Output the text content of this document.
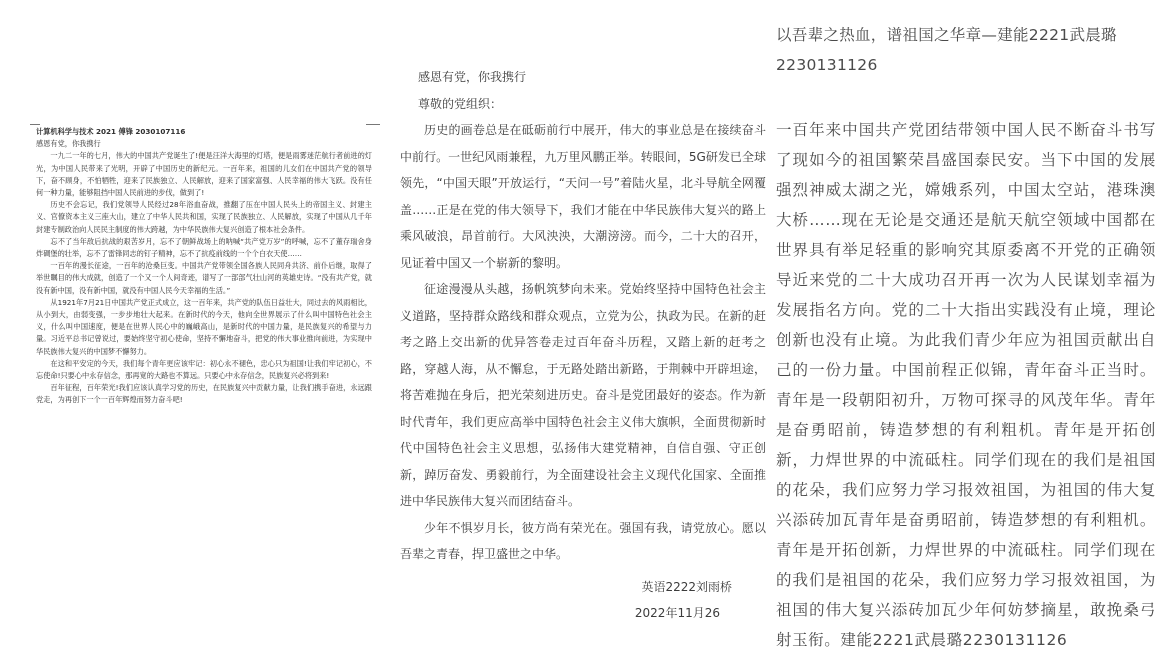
计算机科学与技术 2021 傅锋 2030107116
感恩有党，你我携行

一九二一年的七月，伟大的中国共产党诞生了!便是汪洋大海里的灯塔，便是雨雾迷茫航行者前进的灯光，为中国人民带来了光明，开辟了中国历史的新纪元。一百年来，祖国的儿女们在中国共产党的领导下，奋不顾身，不怕牺牲，迎来了民族独立、人民解放，迎来了国家富强、人民幸福的伟大飞跃。没有任何一种力量，能够阻挡中国人民前进的步伐，做到了!

历史不会忘记，我们党领导人民经过28年浴血奋战，推翻了压在中国人民头上的帝国主义、封建主义、官僚资本主义三座大山，建立了中华人民共和国，实现了民族独立、人民解放，实现了中国从几千年封建专制政治向人民民主制度的伟大跨越，为中华民族伟大复兴创造了根本社会条件。

忘不了当年敌后抗战的艰苦岁月，忘不了朝鲜战场上的呐喊“共产党万岁”的呼喊，忘不了董存瑞舍身炸碉堡的壮举，忘不了雷锋同志的钉子精神，忘不了抗疫前线的一个个白衣天使……

一百年的漫长征途，一百年的沧桑巨变。中国共产党带领全国各族人民同舟共济、前仆后继，取得了举世瞩目的伟大成就，创造了一个又一个人间奇迹，谱写了一部部气壮山河的英雄史诗。“没有共产党，就没有新中国，没有新中国，就没有中国人民今天幸福的生活。”

从1921年7月21日中国共产党正式成立，这一百年来，共产党的队伍日益壮大，同过去的风雨相比，从小到大，由弱变强，一步步地壮大起来。在新时代的今天，他向全世界展示了什么叫中国特色社会主义，什么叫中国速度，便是在世界人民心中的巍峨高山，是新时代的中国力量，是民族复兴的希望与力量。习近平总书记曾说过，要始终坚守初心使命，坚持不懈地奋斗，把党的伟大事业推向前进，为实现中华民族伟大复兴的中国梦不懈努力。

在这和平安定的今天，我们每个青年更应该牢记：初心永不褪色，忠心只为祖国!让我们牢记初心，不忘使命!只要心中永存信念，那再宽的大路也不算远。只要心中永存信念，民族复兴必将到来!

百年征程，百年荣光!我们应该认真学习党的历史，在民族复兴中贡献力量，让我们携手奋进，永远跟党走，为再创下一个一百年辉煌而努力奋斗吧!

感恩有党，你我携行
尊敬的党组织：

历史的画卷总是在砥砺前行中展开，伟大的事业总是在接续奋斗中前行。一世纪风雨兼程，九万里风鹏正举。转眼间，5G研发已全球领先，“中国天眼”开放运行，“天问一号”着陆火星，北斗导航全网覆盖……正是在党的伟大领导下，我们才能在中华民族伟大复兴的路上乘风破浪，昂首前行。大风泱泱，大潮滂滂。而今，二十大的召开，见证着中国又一个崭新的黎明。

征途漫漫从头越，扬帆筑梦向未来。党始终坚持中国特色社会主义道路，坚持群众路线和群众观点，立党为公，执政为民。在新的赶考之路上交出新的优异答卷走过百年奋斗历程，又踏上新的赶考之路，穿越人海，从不懈怠，于无路处踏出新路，于荆棘中开辟坦途，将苦难抛在身后，把光荣刻进历史。奋斗是党团最好的姿态。作为新时代青年，我们更应高举中国特色社会主义伟大旗帜，全面贯彻新时代中国特色社会主义思想，弘扬伟大建党精神，自信自强、守正创新，踔厉奋发、勇毅前行，为全面建设社会主义现代化国家、全面推进中华民族伟大复兴而团结奋斗。

少年不惧岁月长，彼方尚有荣光在。强国有我，请党放心。愿以吾辈之青春，捍卫盛世之中华。

英语2222刘雨桥
2022年11月26
以吾辈之热血，谱祖国之华章—建能2221武晨璐2230131126
一百年来中国共产党团结带领中国人民不断奋斗书写了现如今的祖国繁荣昌盛国泰民安。当下中国的发展强烈神威太湖之光，嫦娥系列，中国太空站，港珠澳大桥……现在无论是交通还是航天航空领域中国都在世界具有举足轻重的影响究其原委离不开党的正确领导近来党的二十大成功召开再一次为人民谋划幸福为发展指名方向。党的二十大指出实践没有止境，理论创新也没有止境。为此我们青少年应为祖国贡献出自己的一份力量。中国前程正似锦，青年奋斗正当时。青年是一段朝阳初升，万物可探寻的风茂年华。青年是奋勇昭前，铸造梦想的有利粗机。青年是开拓创新，力焊世界的中流砥柱。同学们现在的我们是祖国的花朵，我们应努力学习报效祖国，为祖国的伟大复兴添砖加瓦青年是奋勇昭前，铸造梦想的有利粗机。青年是开拓创新，力焊世界的中流砥柱。同学们现在的我们是祖国的花朵，我们应努力学习报效祖国，为祖国的伟大复兴添砖加瓦少年何妨梦摘星，敢挽桑弓射玉衔。建能2221武晨璐2230131126
